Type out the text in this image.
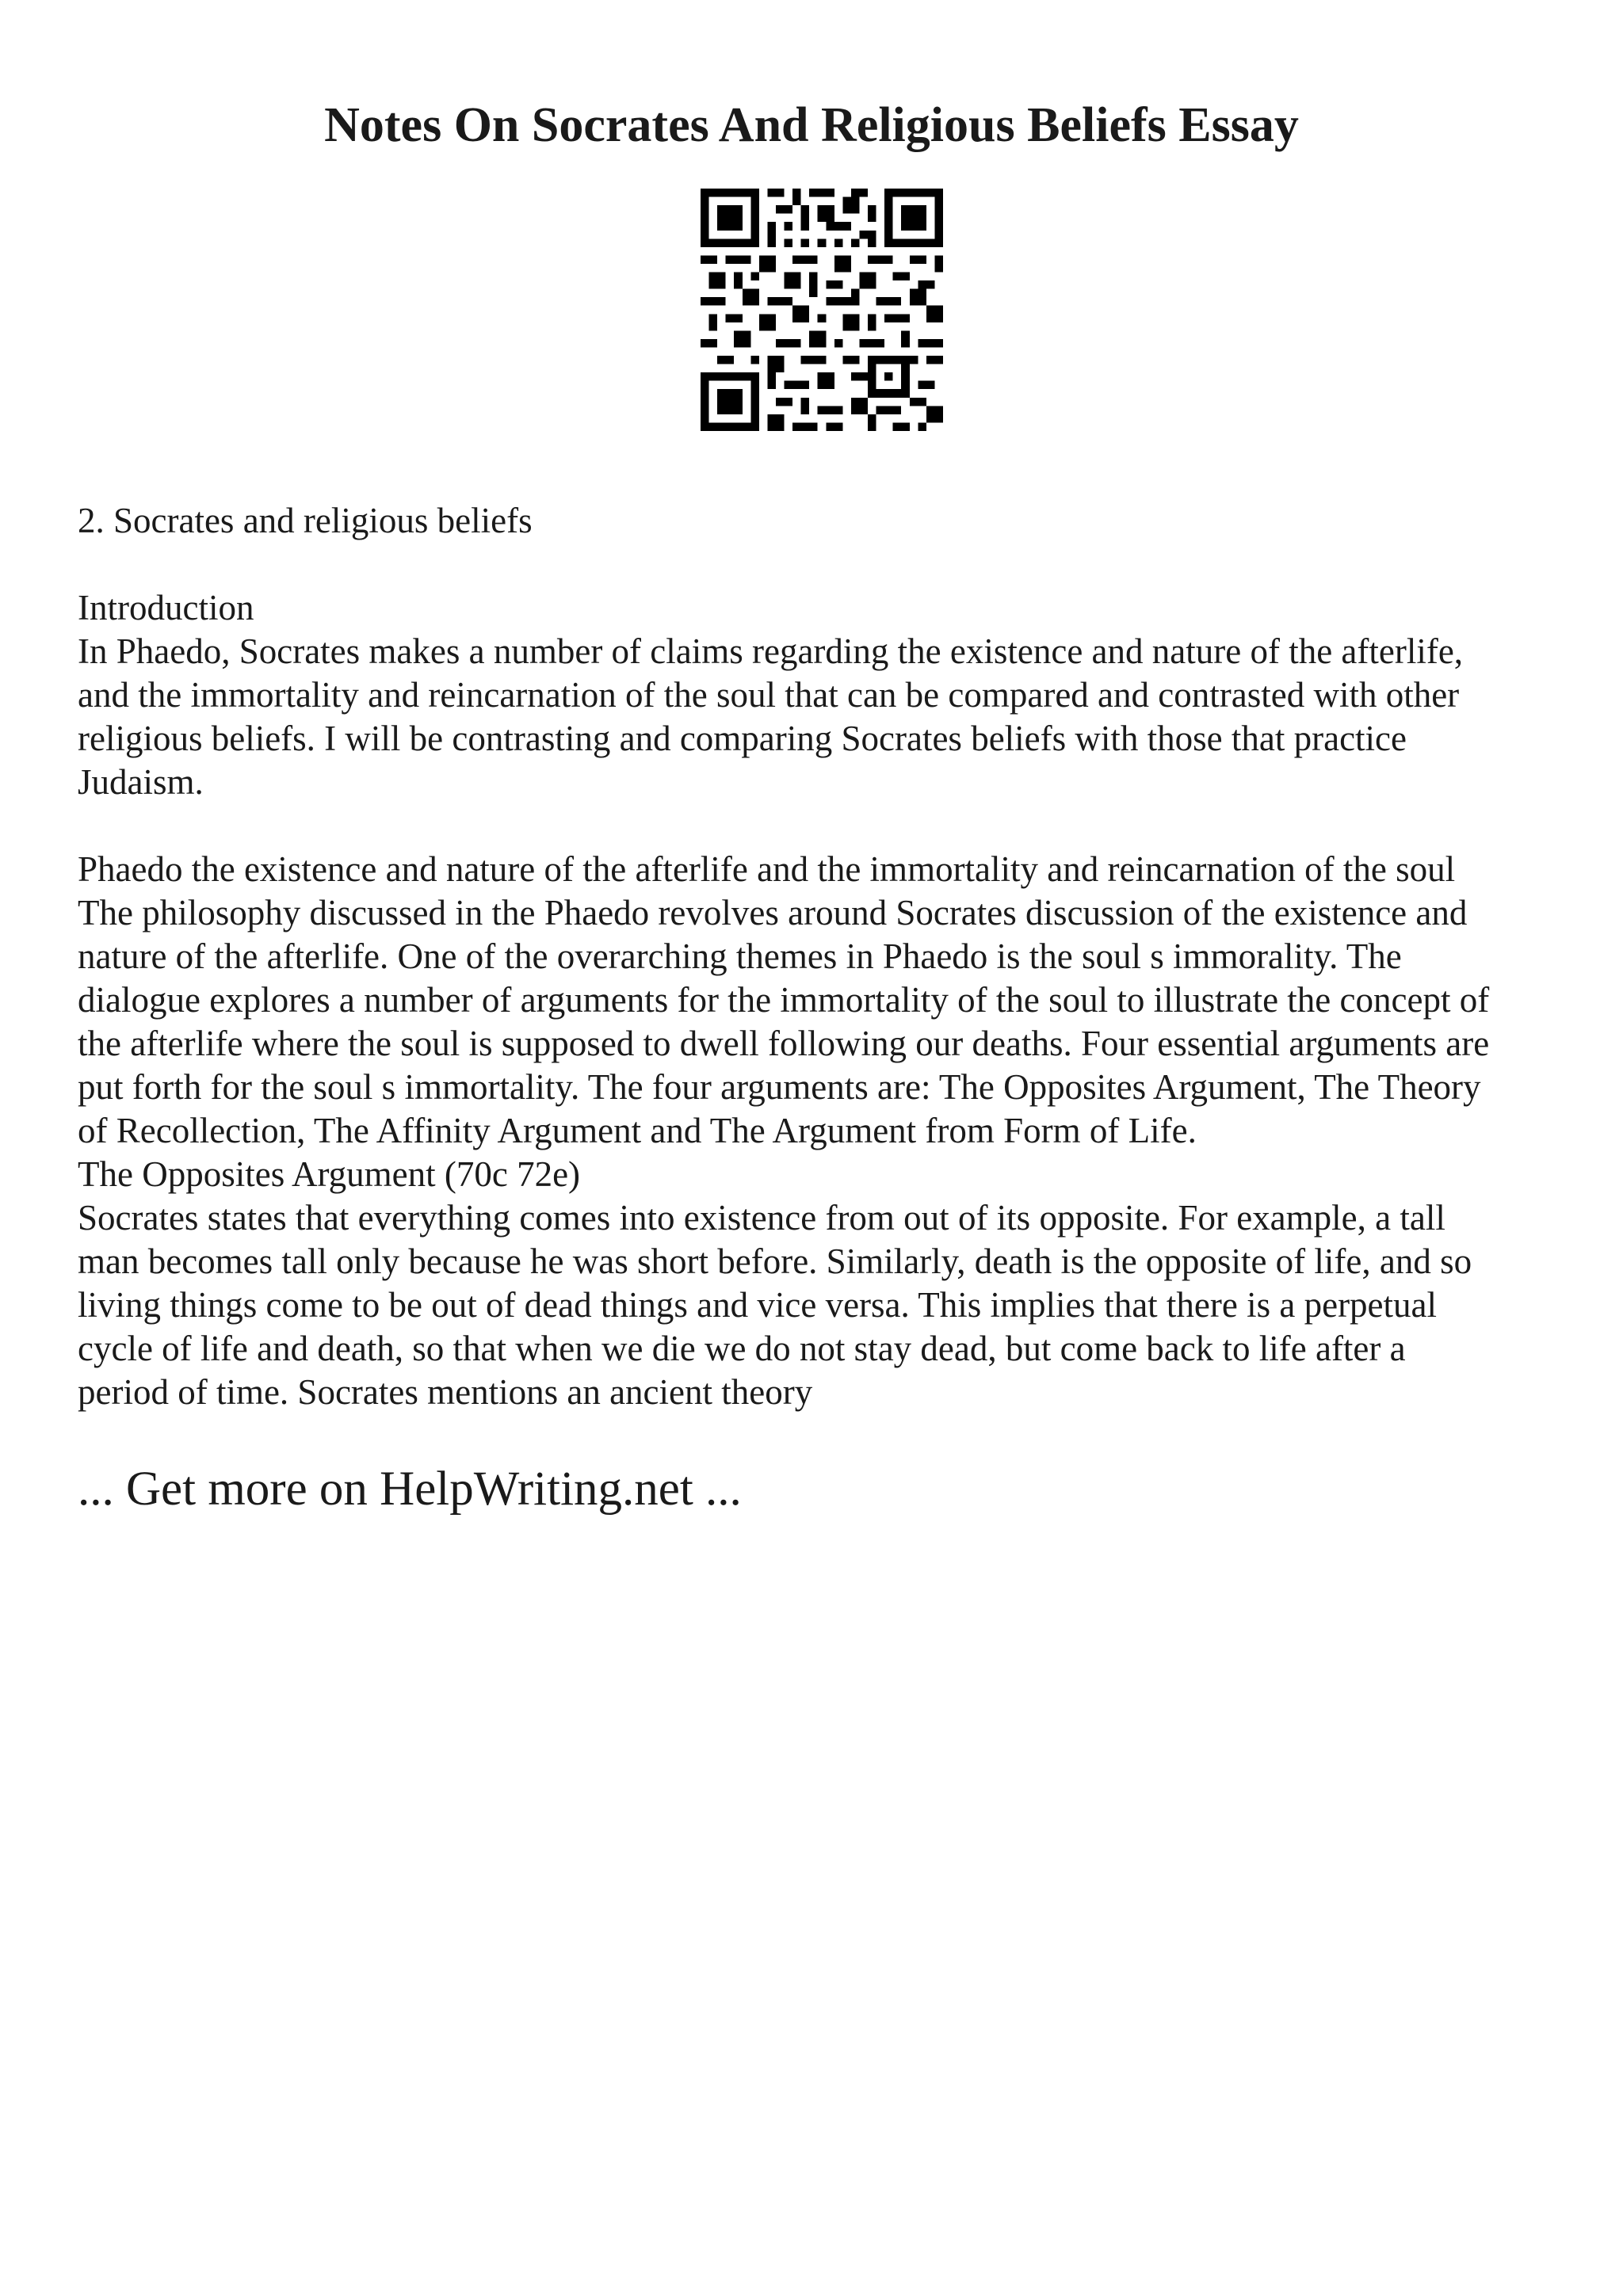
Notes On Socrates And Religious Beliefs Essay
2. Socrates and religious beliefs
Introduction
In Phaedo, Socrates makes a number of claims regarding the existence and nature of the afterlife,
and the immortality and reincarnation of the soul that can be compared and contrasted with other
religious beliefs. I will be contrasting and comparing Socrates beliefs with those that practice
Judaism.
Phaedo the existence and nature of the afterlife and the immortality and reincarnation of the soul
The philosophy discussed in the Phaedo revolves around Socrates discussion of the existence and
nature of the afterlife. One of the overarching themes in Phaedo is the soul s immorality. The
dialogue explores a number of arguments for the immortality of the soul to illustrate the concept of
the afterlife where the soul is supposed to dwell following our deaths. Four essential arguments are
put forth for the soul s immortality. The four arguments are: The Opposites Argument, The Theory
of Recollection, The Affinity Argument and The Argument from Form of Life.
The Opposites Argument (70c 72e)
Socrates states that everything comes into existence from out of its opposite. For example, a tall
man becomes tall only because he was short before. Similarly, death is the opposite of life, and so
living things come to be out of dead things and vice versa. This implies that there is a perpetual
cycle of life and death, so that when we die we do not stay dead, but come back to life after a
period of time. Socrates mentions an ancient theory
... Get more on HelpWriting.net ...
